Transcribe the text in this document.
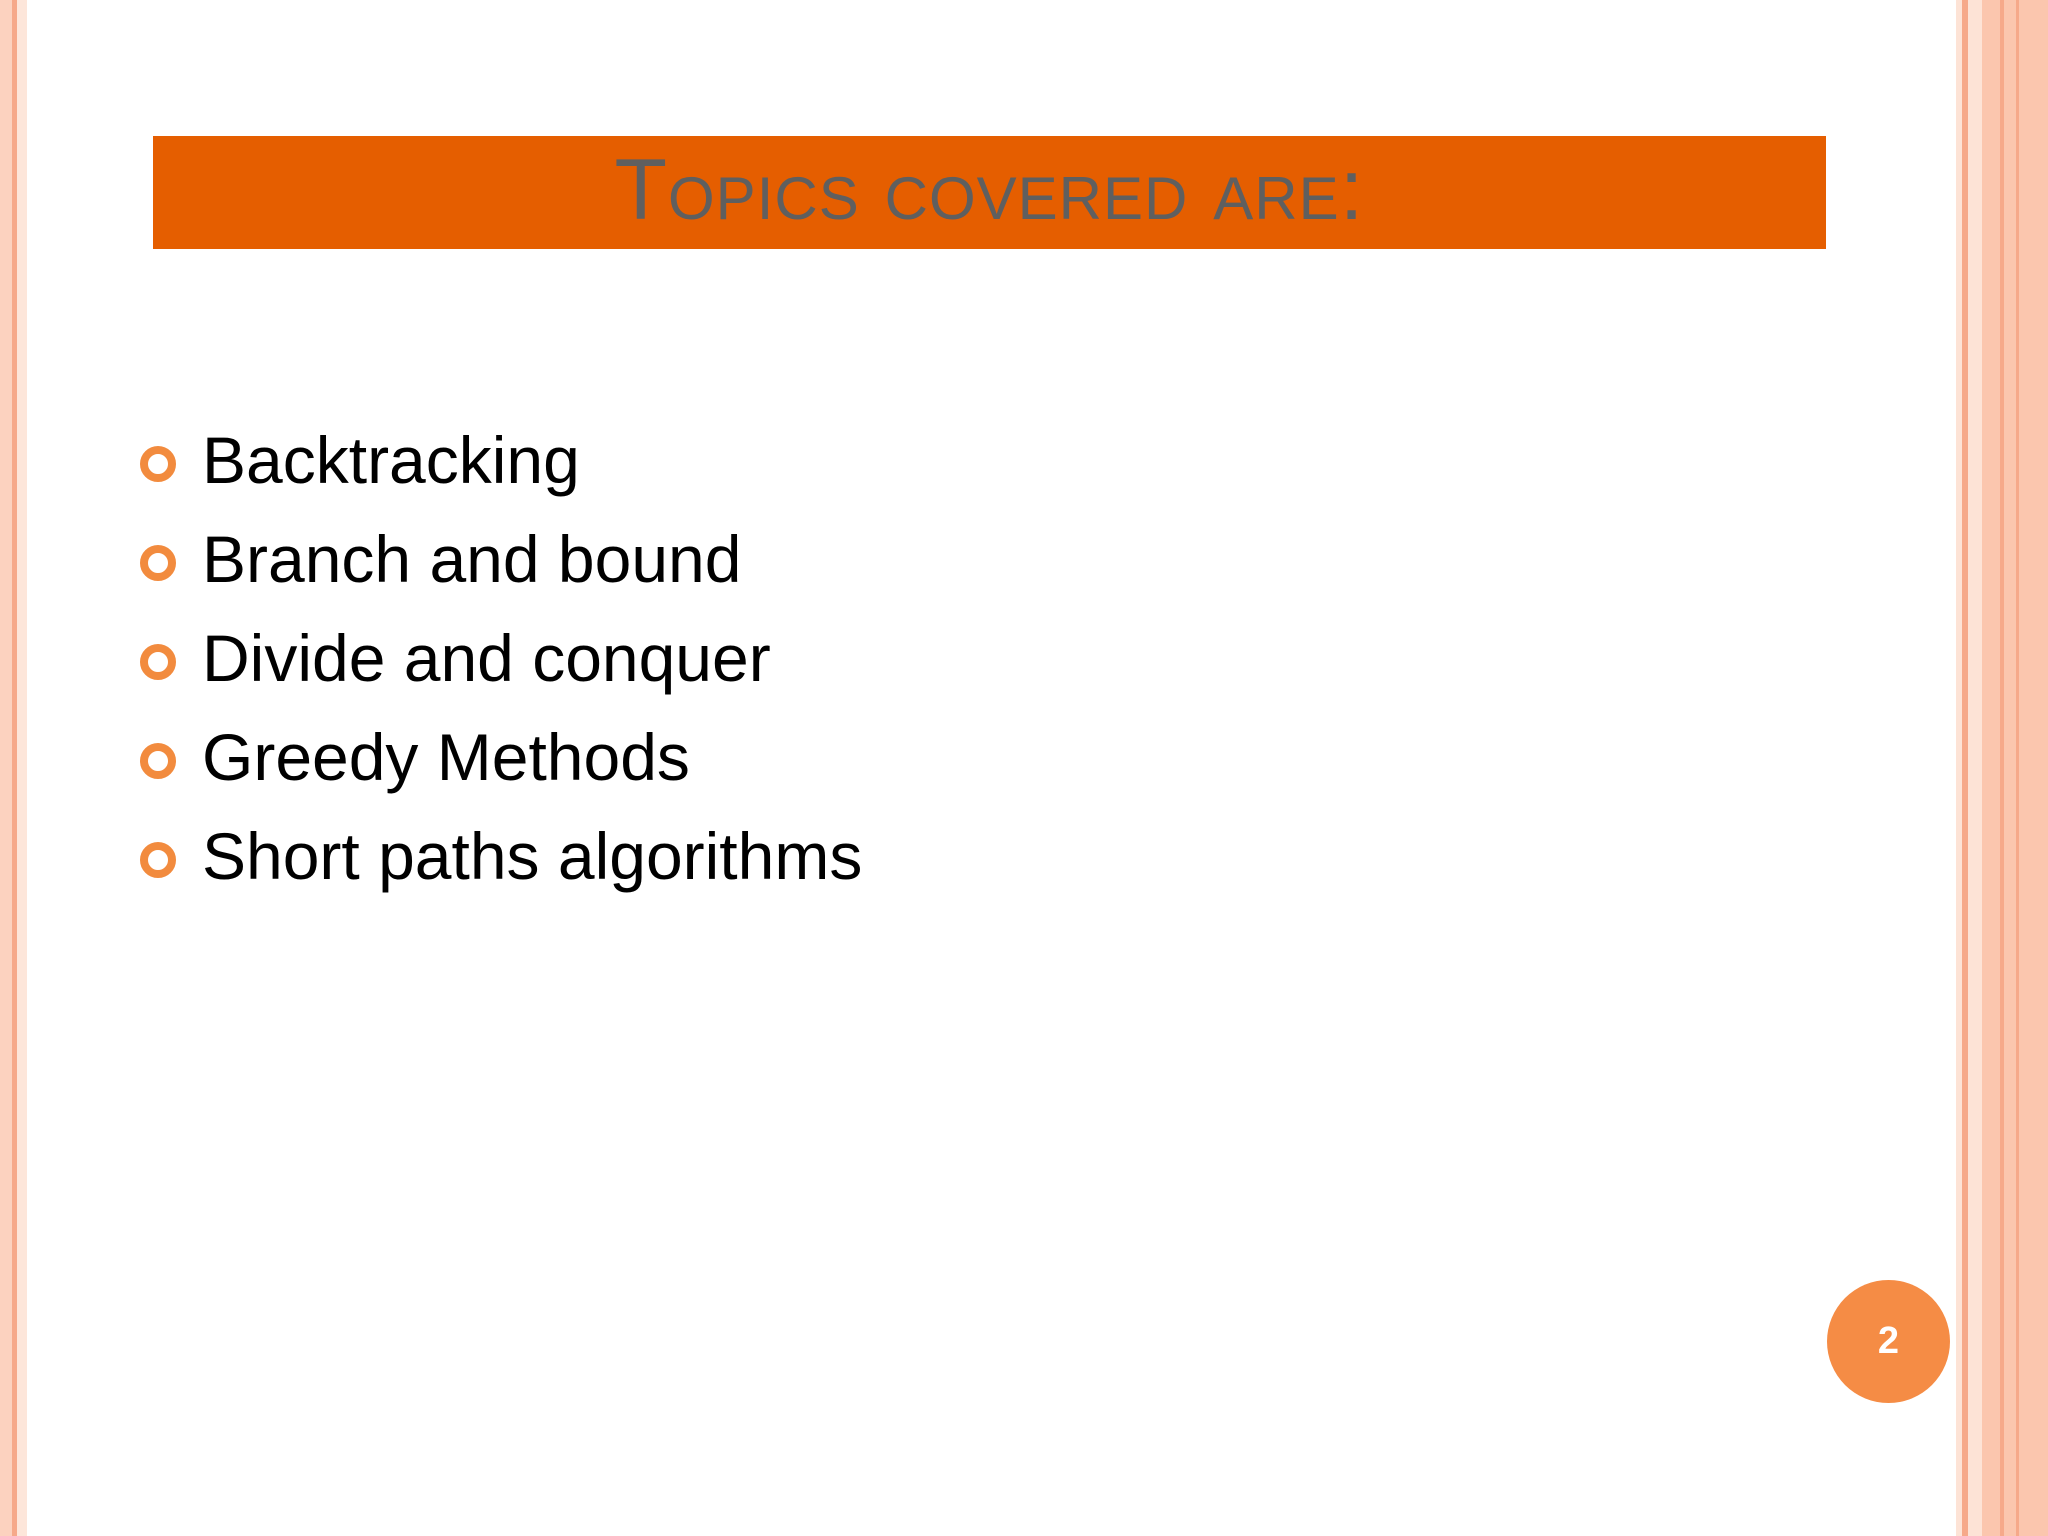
Topics covered are:
Backtracking
Branch and bound
Divide and conquer
Greedy Methods
Short paths algorithms
2
